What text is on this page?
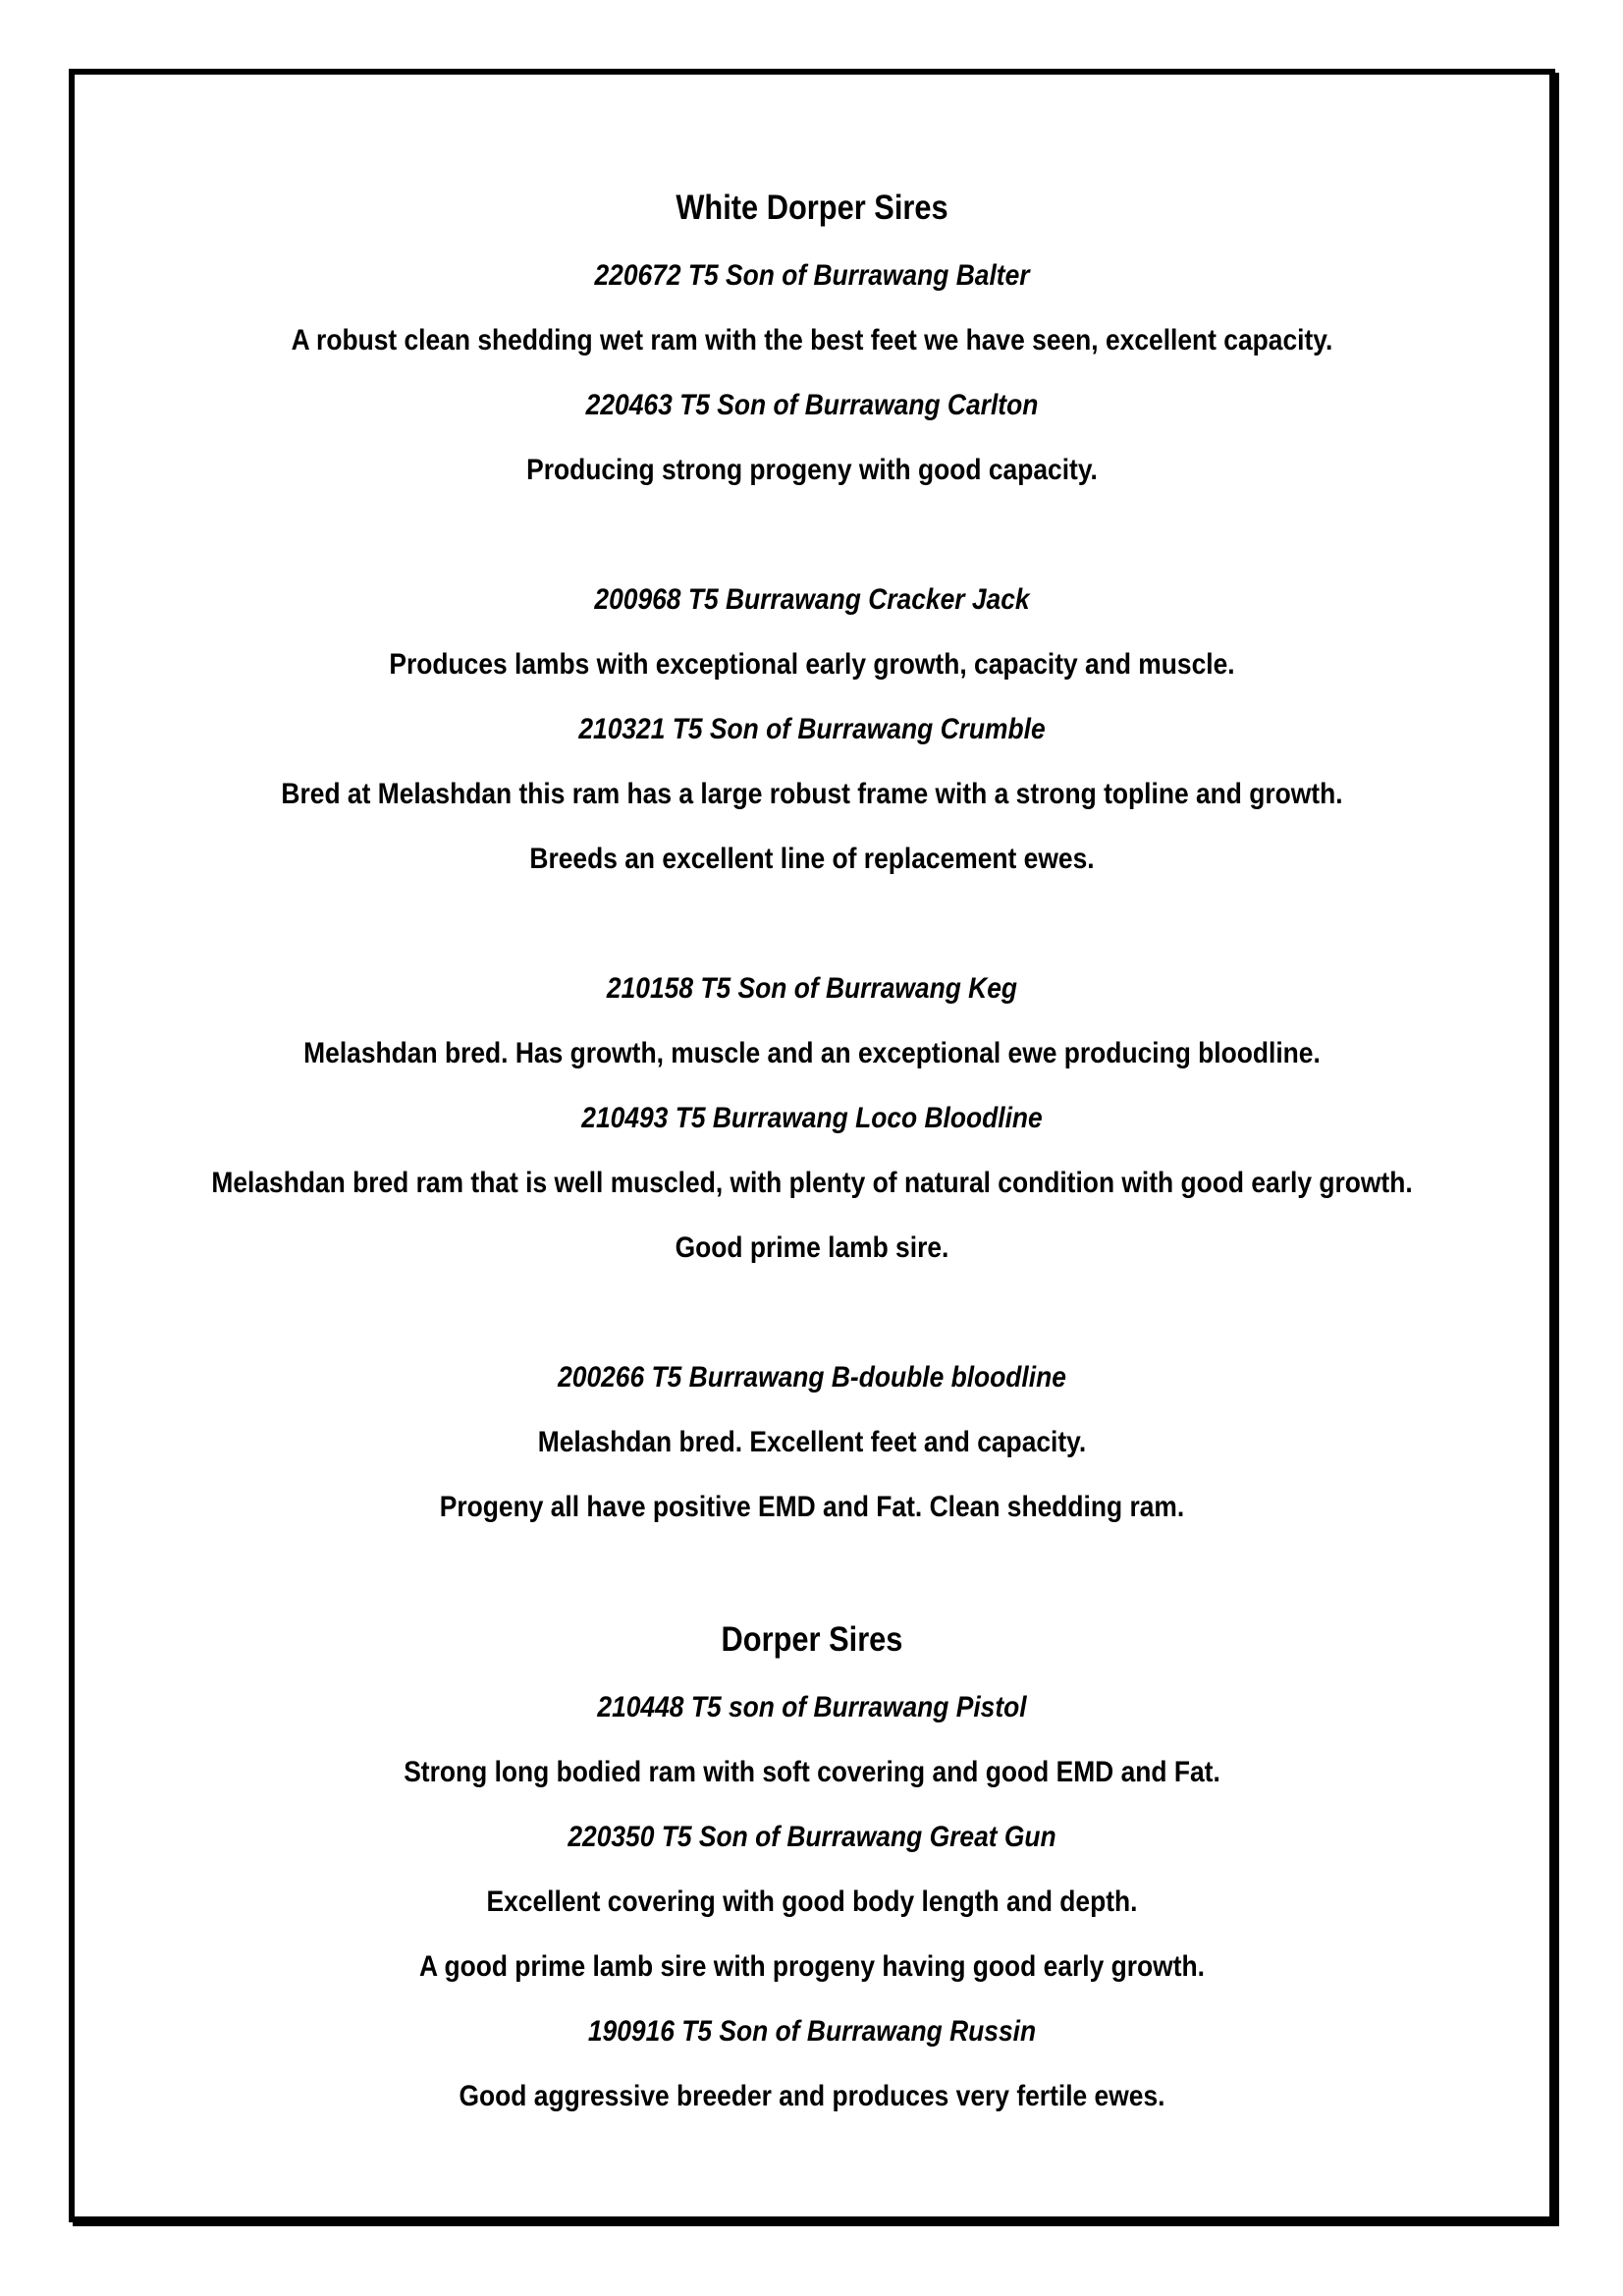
White Dorper Sires

220672 T5 Son of Burrawang Balter

A robust clean shedding wet ram with the best feet we have seen, excellent capacity.

220463 T5 Son of Burrawang Carlton

Producing strong progeny with good capacity.

200968 T5 Burrawang Cracker Jack

Produces lambs with exceptional early growth, capacity and muscle.

210321 T5 Son of Burrawang Crumble

Bred at Melashdan this ram has a large robust frame with a strong topline and growth.

Breeds an excellent line of replacement ewes.

210158 T5 Son of Burrawang Keg

Melashdan bred. Has growth, muscle and an exceptional ewe producing bloodline.

210493 T5 Burrawang Loco Bloodline

Melashdan bred ram that is well muscled, with plenty of natural condition with good early growth.

Good prime lamb sire.

200266 T5 Burrawang B-double bloodline

Melashdan bred. Excellent feet and capacity.

Progeny all have positive EMD and Fat. Clean shedding ram.

Dorper Sires

210448 T5 son of Burrawang Pistol

Strong long bodied ram with soft covering and good EMD and Fat.

220350 T5 Son of Burrawang Great Gun

Excellent covering with good body length and depth.

A good prime lamb sire with progeny having good early growth.

190916 T5 Son of Burrawang Russin

Good aggressive breeder and produces very fertile ewes.
